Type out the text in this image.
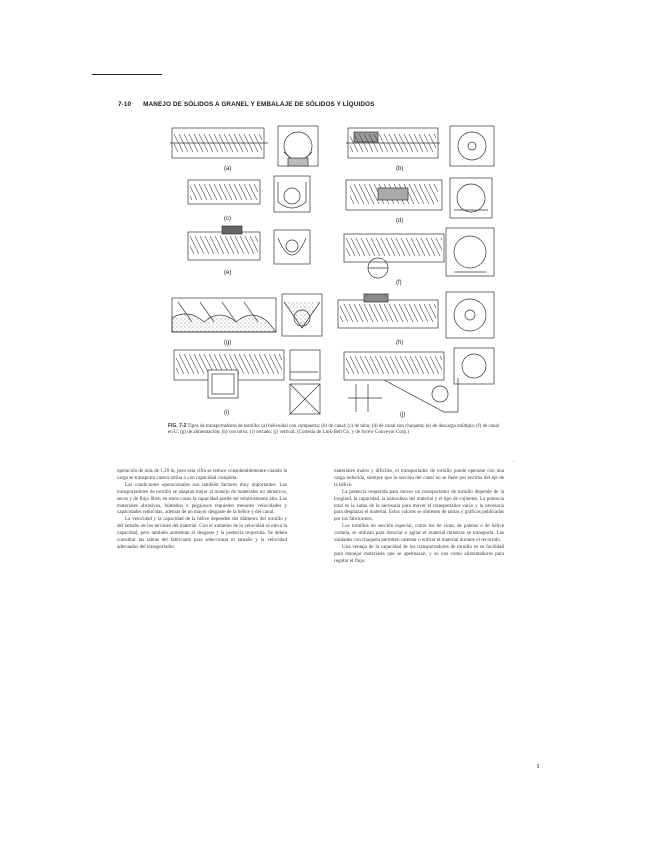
7-10 MANEJO DE SÓLIDOS A GRANEL Y EMBALAJE DE SÓLIDOS Y LÍQUIDOS
(a)	(b)
(c)	(d)
(e)
(f)
(g)	(h)
(i)	(j)
FIG. 7-2 Tipos de transportadores de tornillo; (a) helicoidal con compuerta; (b) de canal; (c) de tubo; (d) de canal con chaqueta; (e) de descarga múltiple; (f) de canal en U; (g) de alimentación; (h) con tolva; (i) cerrado; (j) vertical. (Cortesía de Link-Belt Co. y de Screw Conveyor Corp.)

operación de más de 1,20 m, pero esta cifra se reduce considerablemente cuando la carga se transporta cuesta arriba o con capacidad completa.

Las condiciones operacionales son también factores muy importantes. Los transportadores de tornillo se adaptan mejor al manejo de materiales no abrasivos, secos y de flujo libre; en estos casos la capacidad puede ser relativamente alta. Los materiales abrasivos, húmedos o pegajosos requieren menores velocidades y capacidades reducidas, además de un mayor desgaste de la hélice y del canal.

La velocidad y la capacidad de la hélice dependen del diámetro del tornillo y del tamaño de los terrones del material. Con el aumento de la velocidad se eleva la capacidad, pero también aumentan el desgaste y la potencia requerida. Se deben consultar las tablas del fabricante para seleccionar el tamaño y la velocidad adecuados del transportador.

materiales malos y difíciles, el transportador de tornillo puede operarse con una carga reducida, siempre que la sección del canal no se llene por encima del eje de la hélice.

La potencia requerida para mover un transportador de tornillo depende de la longitud, la capacidad, la naturaleza del material y el tipo de cojinetes. La potencia total es la suma de la necesaria para mover el transportador vacío y la necesaria para desplazar el material. Estos valores se obtienen de tablas y gráficas publicadas por los fabricantes.

Los tornillos de sección especial, como los de cinta, de paletas o de hélice cortada, se utilizan para mezclar o agitar el material mientras se transporta. Las unidades con chaqueta permiten calentar o enfriar el material durante el recorrido.

Una ventaja de la capacidad de los transportadores de tornillo es su facilidad para manejar materiales que se apelmazan, y su uso como alimentadores para regular el flujo.

·
ı
